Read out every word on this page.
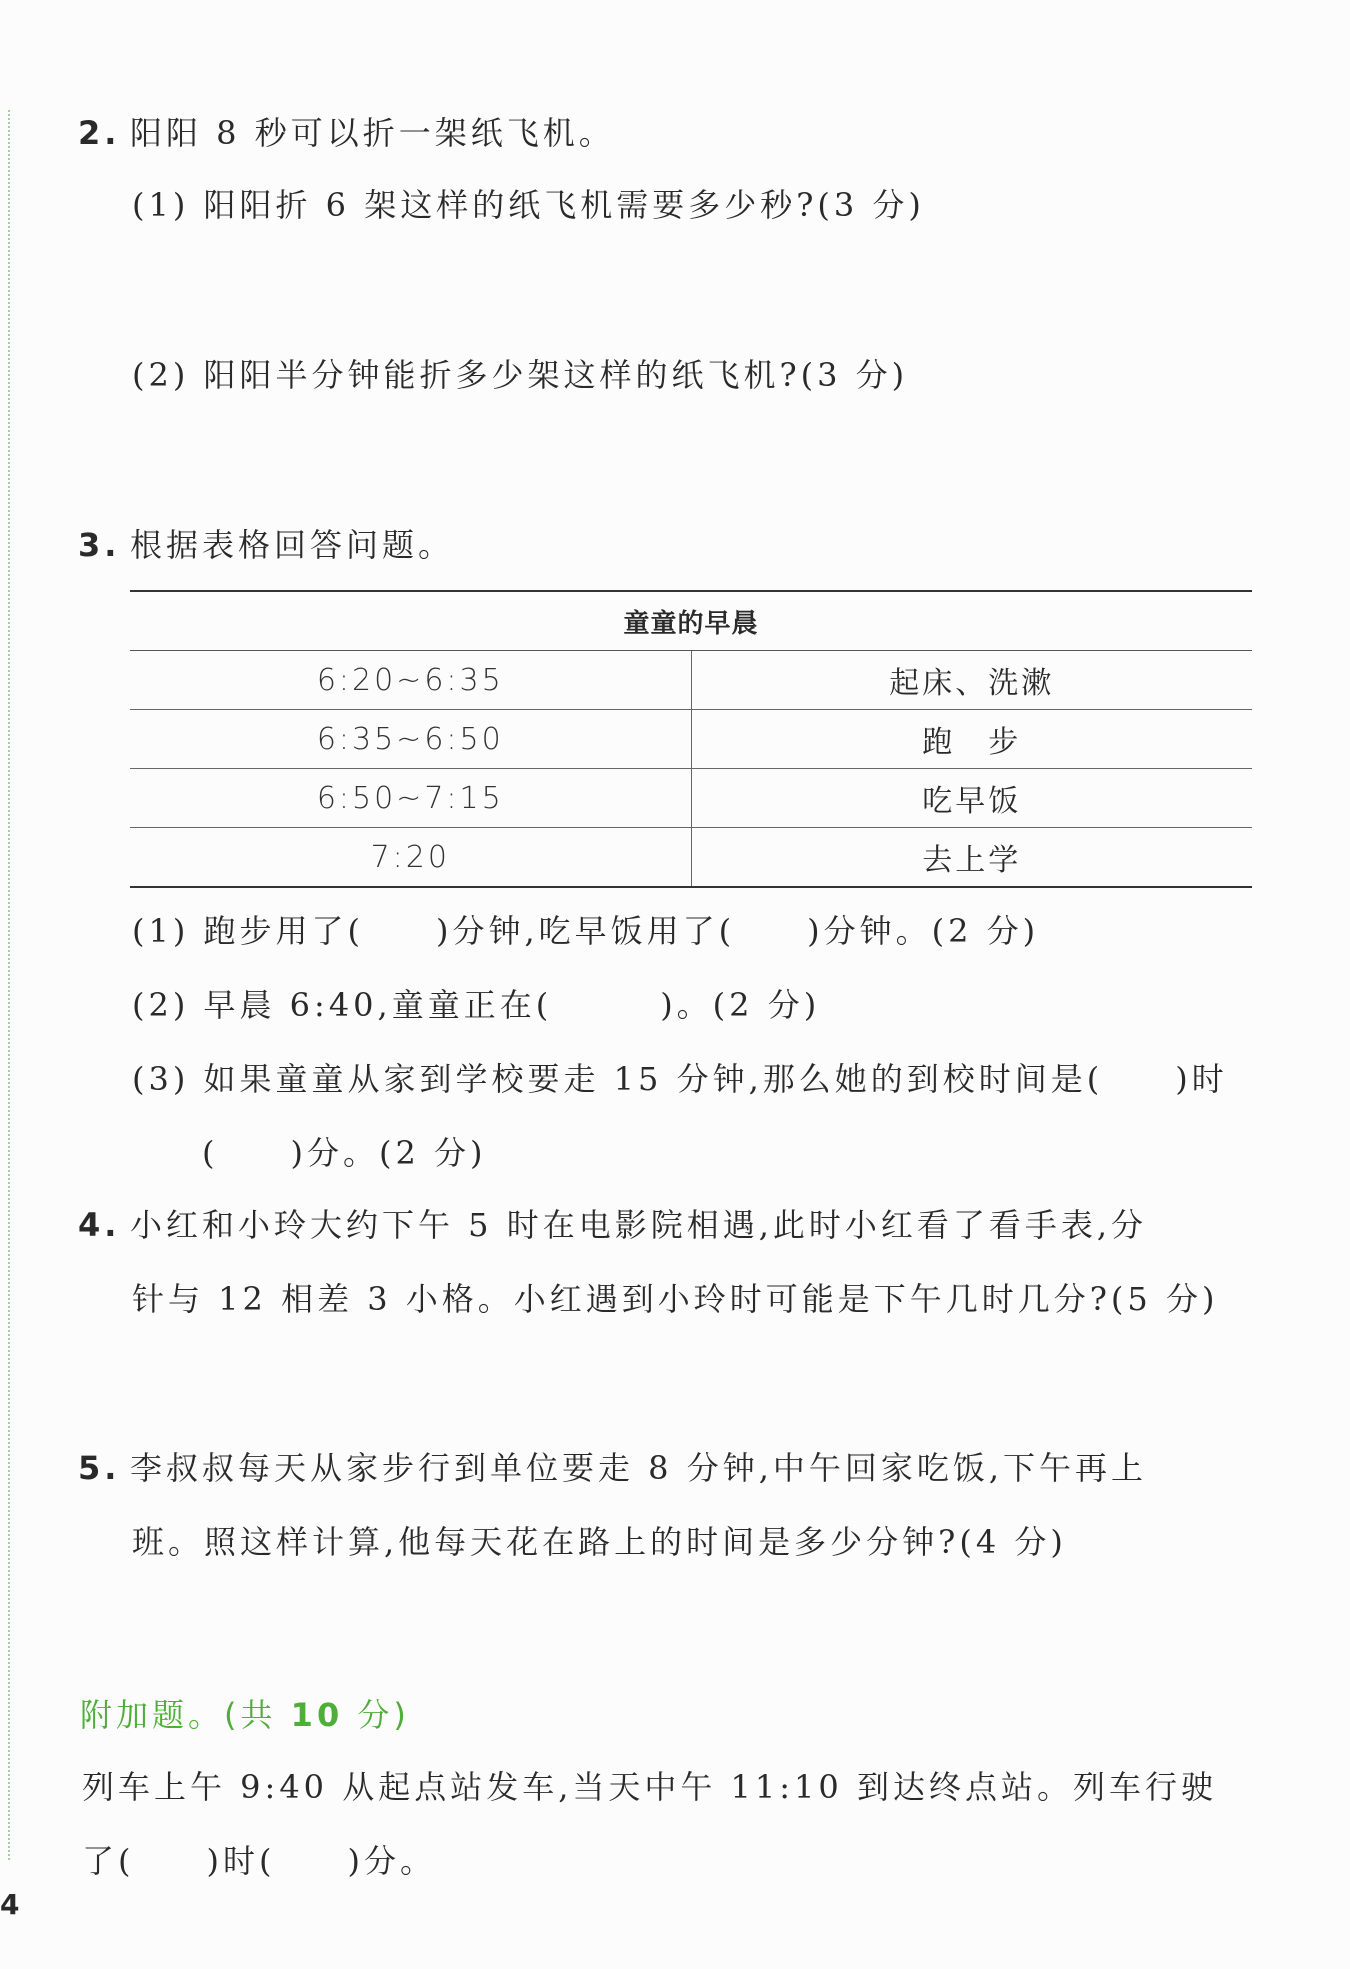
2. 阳阳 8 秒可以折一架纸飞机。
(1) 阳阳折 6 架这样的纸飞机需要多少秒?(3 分)
(2) 阳阳半分钟能折多少架这样的纸飞机?(3 分)
3. 根据表格回答问题。
童童的早晨	
6:20~6:35	起床、洗漱
6:35~6:50	跑　步
6:50~7:15	吃早饭
7:20	去上学
(1) 跑步用了(　　)分钟,吃早饭用了(　　)分钟。(2 分)
(2) 早晨 6:40,童童正在(　　　)。(2 分)
(3) 如果童童从家到学校要走 15 分钟,那么她的到校时间是(　　)时
(　　)分。(2 分)
4. 小红和小玲大约下午 5 时在电影院相遇,此时小红看了看手表,分
针与 12 相差 3 小格。小红遇到小玲时可能是下午几时几分?(5 分)
5. 李叔叔每天从家步行到单位要走 8 分钟,中午回家吃饭,下午再上
班。照这样计算,他每天花在路上的时间是多少分钟?(4 分)
附加题。(共 10 分)
列车上午 9:40 从起点站发车,当天中午 11:10 到达终点站。列车行驶
了(　　)时(　　)分。
4
